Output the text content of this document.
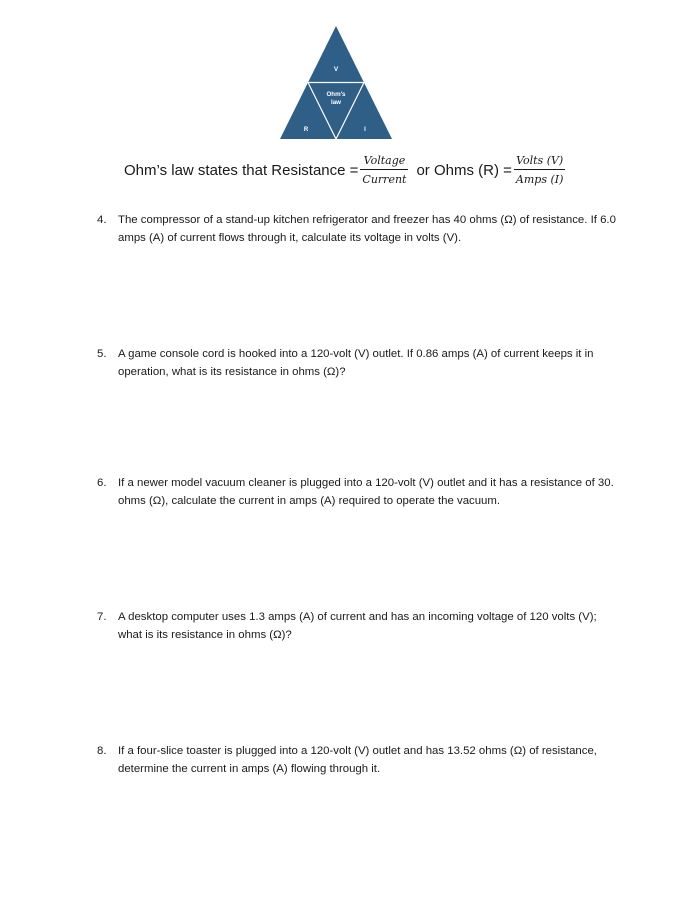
V
Ohm's
law
R	I
Ohm’s law states that Resistance = $\frac{\text{Voltage}}{\text{Current}}$ or Ohms $(R) = \frac{\text{Volts (V)}}{\text{Amps (I)}}$
4.	The compressor of a stand-up kitchen refrigerator and freezer has 40 ohms (Ω) of resistance. If 6.0 amps (A) of current flows through it, calculate its voltage in volts (V).
5.	A game console cord is hooked into a 120-volt (V) outlet. If 0.86 amps (A) of current keeps it in operation, what is its resistance in ohms (Ω)?
6.	If a newer model vacuum cleaner is plugged into a 120-volt (V) outlet and it has a resistance of 30. ohms (Ω), calculate the current in amps (A) required to operate the vacuum.
7.	A desktop computer uses 1.3 amps (A) of current and has an incoming voltage of 120 volts (V); what is its resistance in ohms (Ω)?
8.	If a four-slice toaster is plugged into a 120-volt (V) outlet and has 13.52 ohms (Ω) of resistance, determine the current in amps (A) flowing through it.
